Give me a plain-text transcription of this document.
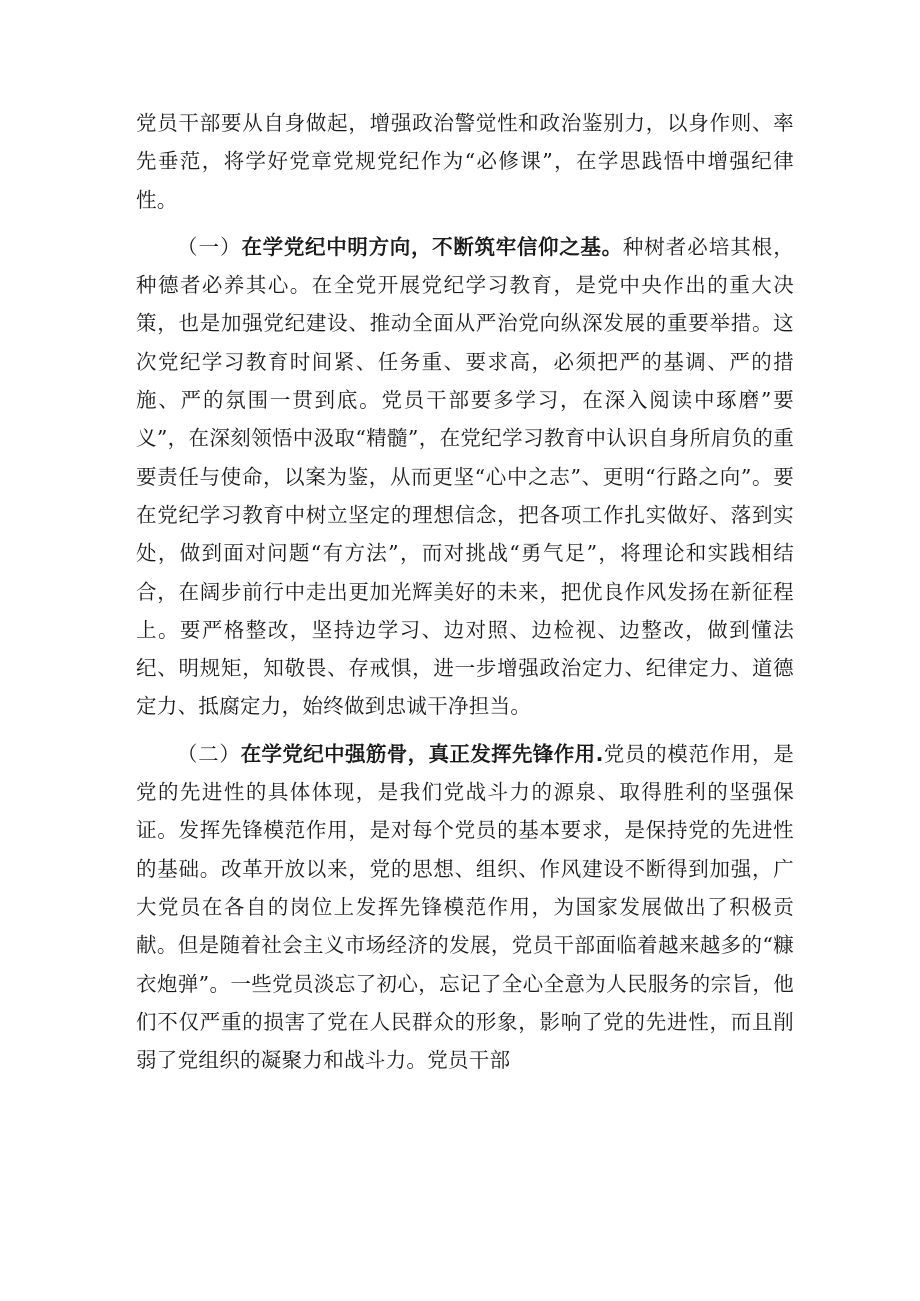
党员干部要从自身做起，增强政治警觉性和政治鉴别力，以身作则、率先垂范，将学好党章党规党纪作为“必修课”，在学思践悟中增强纪律性。

（一）在学党纪中明方向，不断筑牢信仰之基。种树者必培其根，种德者必养其心。在全党开展党纪学习教育，是党中央作出的重大决策，也是加强党纪建设、推动全面从严治党向纵深发展的重要举措。这次党纪学习教育时间紧、任务重、要求高，必须把严的基调、严的措施、严的氛围一贯到底。党员干部要多学习，在深入阅读中琢磨”要义”，在深刻领悟中汲取“精髓”，在党纪学习教育中认识自身所肩负的重要责任与使命，以案为鉴，从而更坚“心中之志”、更明“行路之向”。要在党纪学习教育中树立坚定的理想信念，把各项工作扎实做好、落到实处，做到面对问题“有方法”，而对挑战“勇气足”，将理论和实践相结合，在阔步前行中走出更加光辉美好的未来，把优良作风发扬在新征程上。要严格整改，坚持边学习、边对照、边检视、边整改，做到懂法纪、明规矩，知敬畏、存戒惧，进一步增强政治定力、纪律定力、道德定力、抵腐定力，始终做到忠诚干净担当。

（二）在学党纪中强筋骨，真正发挥先锋作用.党员的模范作用，是党的先进性的具体体现，是我们党战斗力的源泉、取得胜利的坚强保证。发挥先锋模范作用，是对每个党员的基本要求，是保持党的先进性的基础。改革开放以来，党的思想、组织、作风建设不断得到加强，广大党员在各自的岗位上发挥先锋模范作用，为国家发展做出了积极贡献。但是随着社会主义市场经济的发展，党员干部面临着越来越多的“糠衣炮弹”。一些党员淡忘了初心，忘记了全心全意为人民服务的宗旨，他们不仅严重的损害了党在人民群众的形象，影响了党的先进性，而且削弱了党组织的凝聚力和战斗力。党员干部
